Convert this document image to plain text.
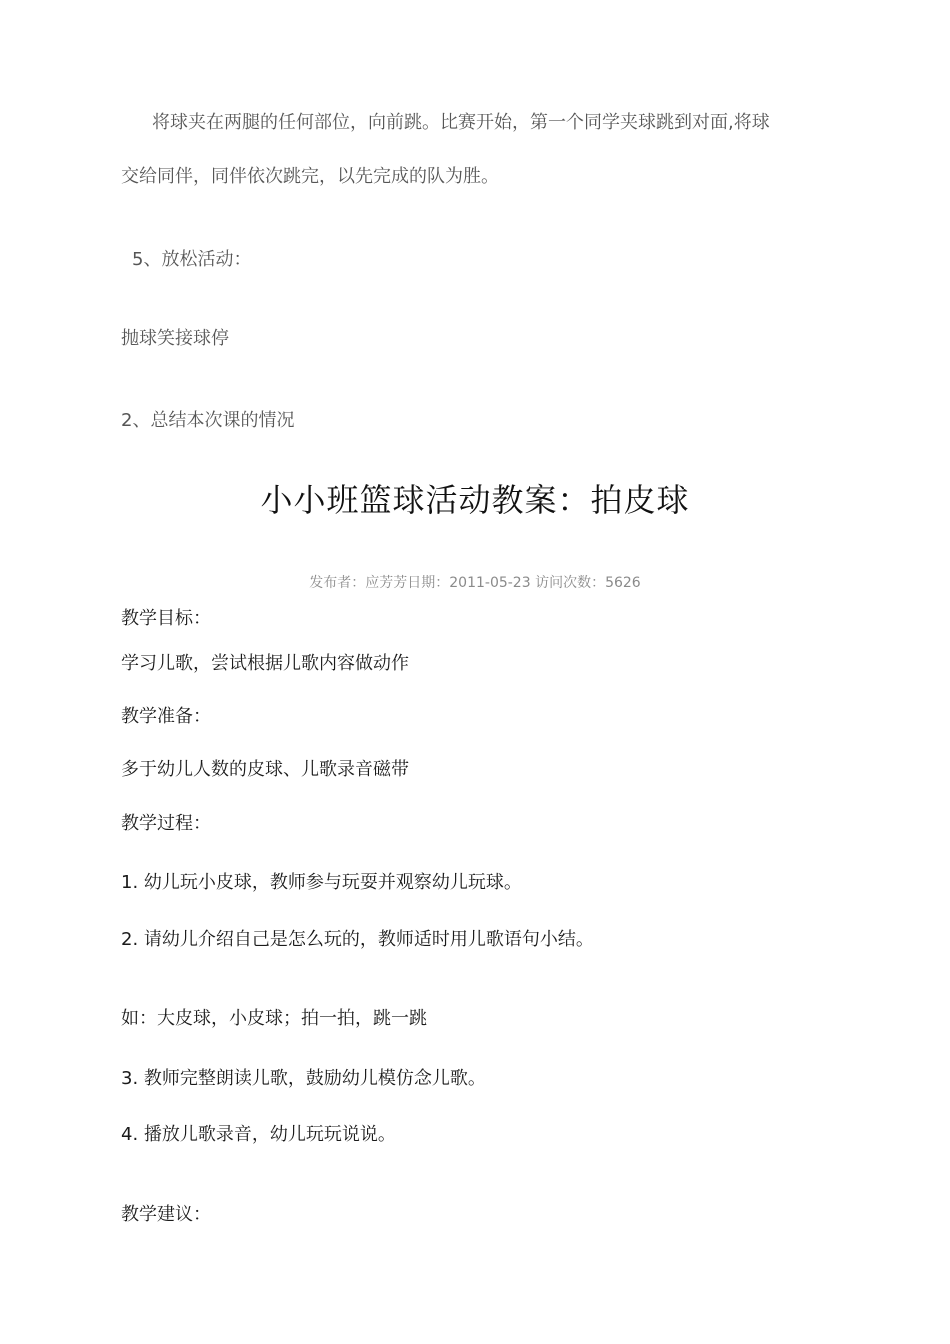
将球夹在两腿的任何部位，向前跳。比赛开始，第一个同学夹球跳到对面,将球
交给同伴，同伴依次跳完，以先完成的队为胜。
5、放松活动：
抛球笑接球停
2、总结本次课的情况
小小班篮球活动教案：拍皮球
发布者：应芳芳日期：2011-05-23 访问次数：5626
教学目标：
学习儿歌，尝试根据儿歌内容做动作
教学准备：
多于幼儿人数的皮球、儿歌录音磁带
教学过程：
1. 幼儿玩小皮球，教师参与玩耍并观察幼儿玩球。
2. 请幼儿介绍自己是怎么玩的，教师适时用儿歌语句小结。
如：大皮球，小皮球；拍一拍，跳一跳
3. 教师完整朗读儿歌，鼓励幼儿模仿念儿歌。
4. 播放儿歌录音，幼儿玩玩说说。
教学建议：
